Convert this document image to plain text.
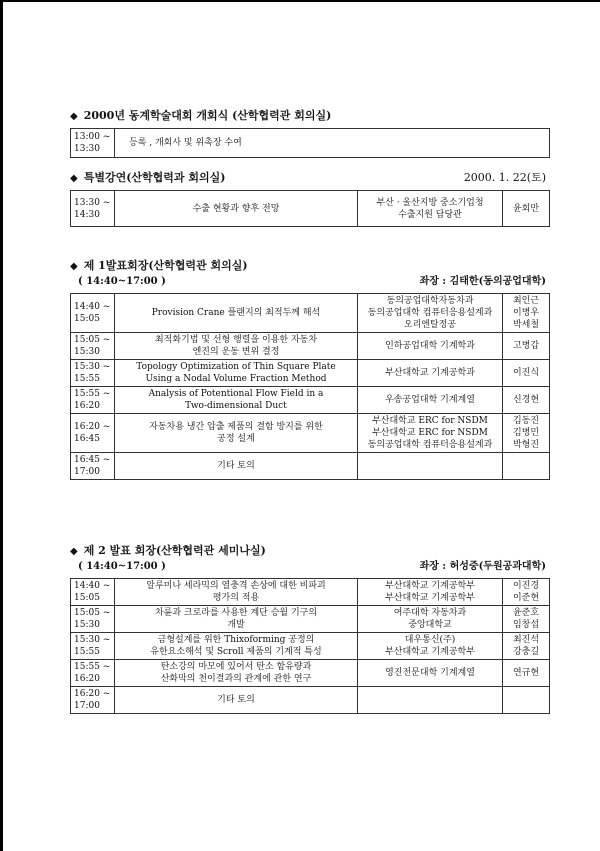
◆ 2000년 동계학술대회 개회식 (산학협력관 회의실)
13:00 ~
13:30	등록 , 개회사 및 위촉장 수여
◆ 특별강연(산학협력과 회의실)	2000. 1. 22(토)
13:30 ~
14:30	수출 현황과 향후 전망	부산 · 울산지방 중소기업청
수출지원 담당관	윤회만
◆ 제 1발표회장(산학협력관 회의실)
( 14:40~17:00 )	좌장 : 김태한(동의공업대학)
14:40 ~
15:05	Provision Crane 플랜지의 최적두께 해석	동의공업대학자동차과
동의공업대학 컴퓨터응용설계과
오리엔탈정공	최인근
이병우
박세철
15:05 ~
15:30	최적화기법 및 선형 행렬을 이용한 자동차
엔진의 운동 변위 결정	인하공업대학 기계학과	고병갑
15:30 ~
15:55	Topology Optimization of Thin Square Plate
Using a Nodal Volume Fraction Method	부산대학교 기계공학과	이진식
15:55 ~
16:20	Analysis of Potentional Flow Field in a
Two-dimensional Duct	우송공업대학 기계계열	신경현
16:20 ~
16:45	자동차용 냉간 압출 제품의 결함 방지를 위한
공정 설계	부산대학교 ERC for NSDM
부산대학교 ERC for NSDM
동의공업대학 컴퓨터응용설계과	김동진
김병민
박형진
16:45 ~
17:00	기타 토의		
◆ 제 2 발표 회장(산학협력관 세미나실)
( 14:40~17:00 )	좌장 : 허성중(두원공과대학)
14:40 ~
15:05	알루미나 세라믹의 열충격 손상에 대한 비파괴
평가의 적용	부산대학교 기계공학부
부산대학교 기계공학부	이진경
이준현
15:05 ~
15:30	차륜과 크로라를 사용한 계단 승월 기구의
개발	여주대학 자동차과
중앙대학교	윤준호
임창섭
15:30 ~
15:55	금형설계를 위한 Thixoforming 공정의
유한요소해석 및 Scroll 제품의 기계적 특성	대우통신(주)
부산대학교 기계공학부	최진석
강충길
15:55 ~
16:20	탄소강의 마모에 있어서 탄소 함유량과
산화막의 천이결과의 관계에 관한 연구	영진전문대학 기계계열	연규현
16:20 ~
17:00	기타 토의		
